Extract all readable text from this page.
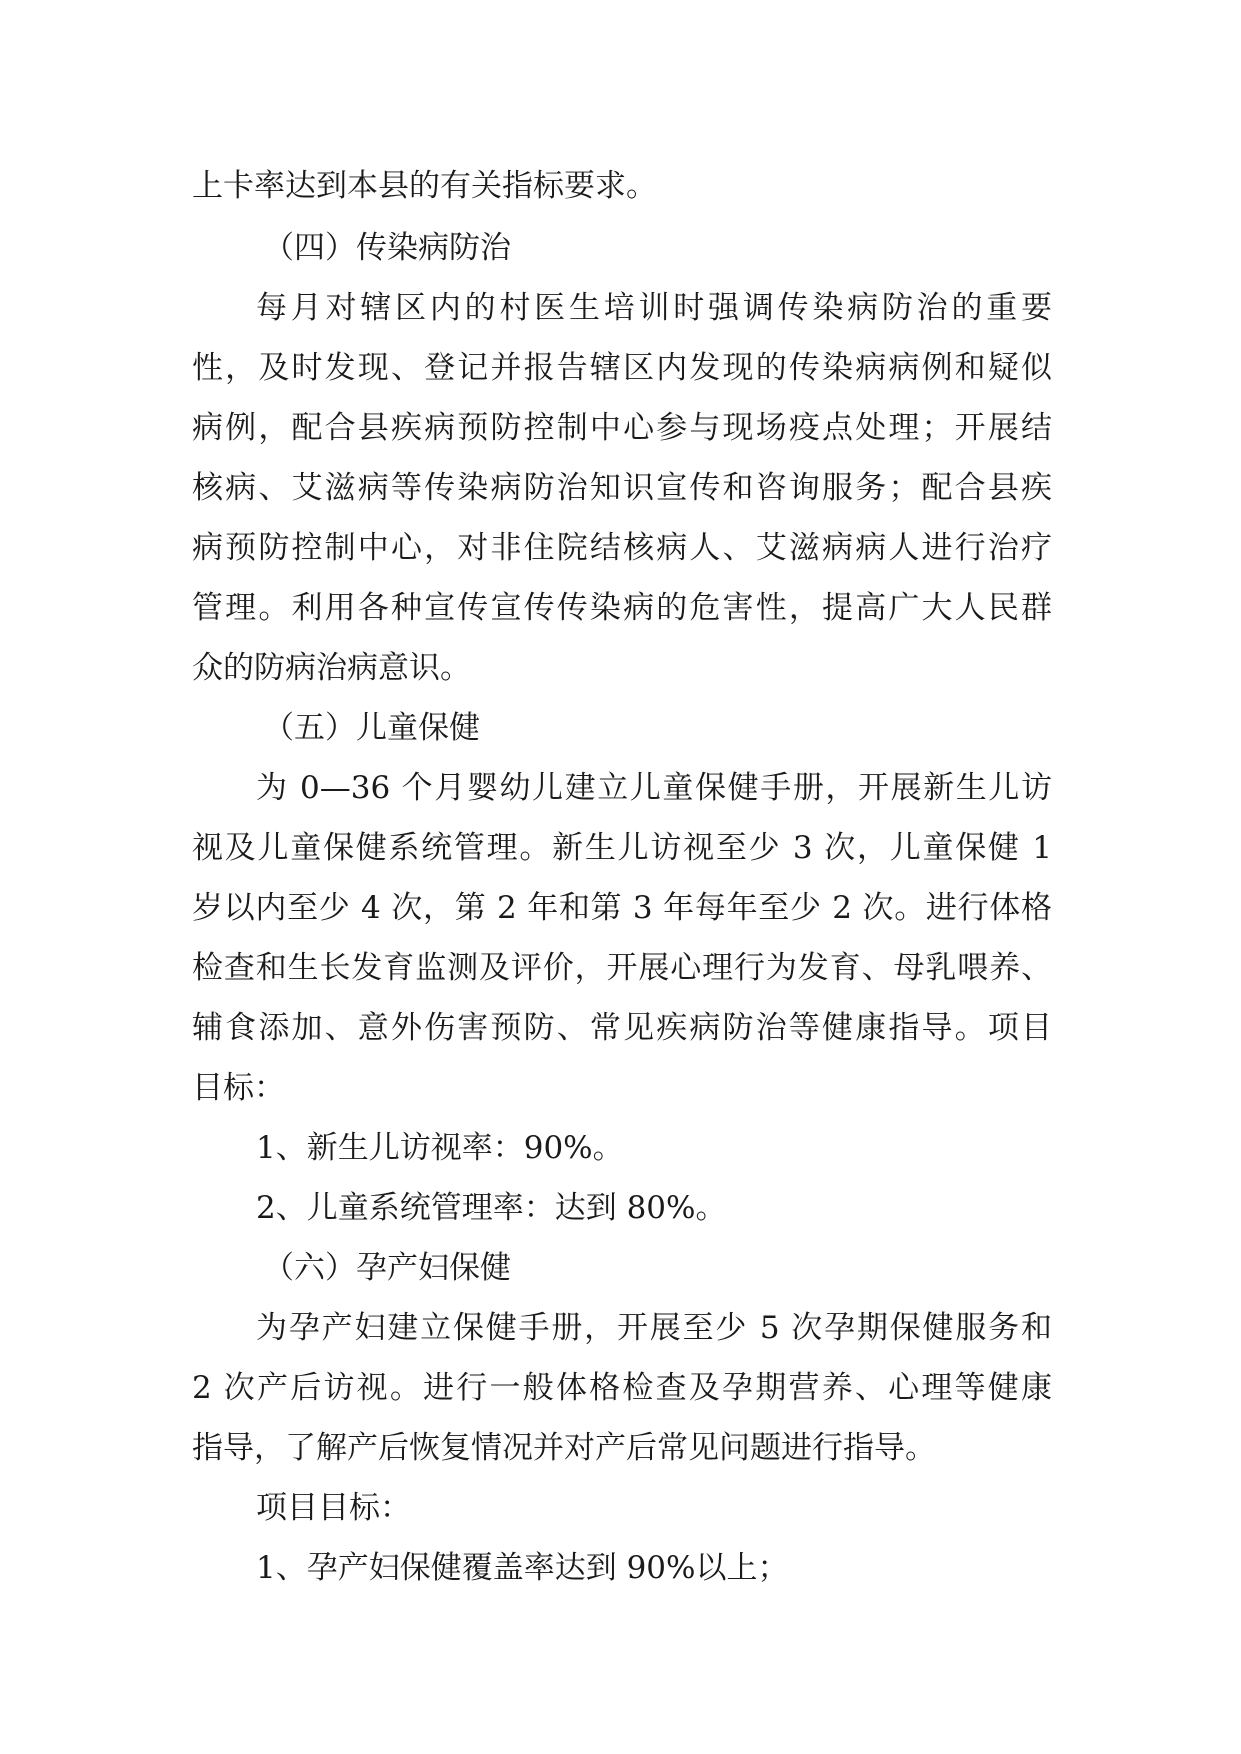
上卡率达到本县的有关指标要求。
（四）传染病防治
每月对辖区内的村医生培训时强调传染病防治的重要
性，及时发现、登记并报告辖区内发现的传染病病例和疑似
病例，配合县疾病预防控制中心参与现场疫点处理；开展结
核病、艾滋病等传染病防治知识宣传和咨询服务；配合县疾
病预防控制中心，对非住院结核病人、艾滋病病人进行治疗
管理。利用各种宣传宣传传染病的危害性，提高广大人民群
众的防病治病意识。
（五）儿童保健
为 0—36 个月婴幼儿建立儿童保健手册，开展新生儿访
视及儿童保健系统管理。新生儿访视至少 3 次，儿童保健 1
岁以内至少 4 次，第 2 年和第 3 年每年至少 2 次。进行体格
检查和生长发育监测及评价，开展心理行为发育、母乳喂养、
辅食添加、意外伤害预防、常见疾病防治等健康指导。项目
目标：
1、新生儿访视率：90%。
2、儿童系统管理率：达到 80%。
（六）孕产妇保健
为孕产妇建立保健手册，开展至少 5 次孕期保健服务和
2 次产后访视。进行一般体格检查及孕期营养、心理等健康
指导，了解产后恢复情况并对产后常见问题进行指导。
项目目标：
1、孕产妇保健覆盖率达到 90%以上；
